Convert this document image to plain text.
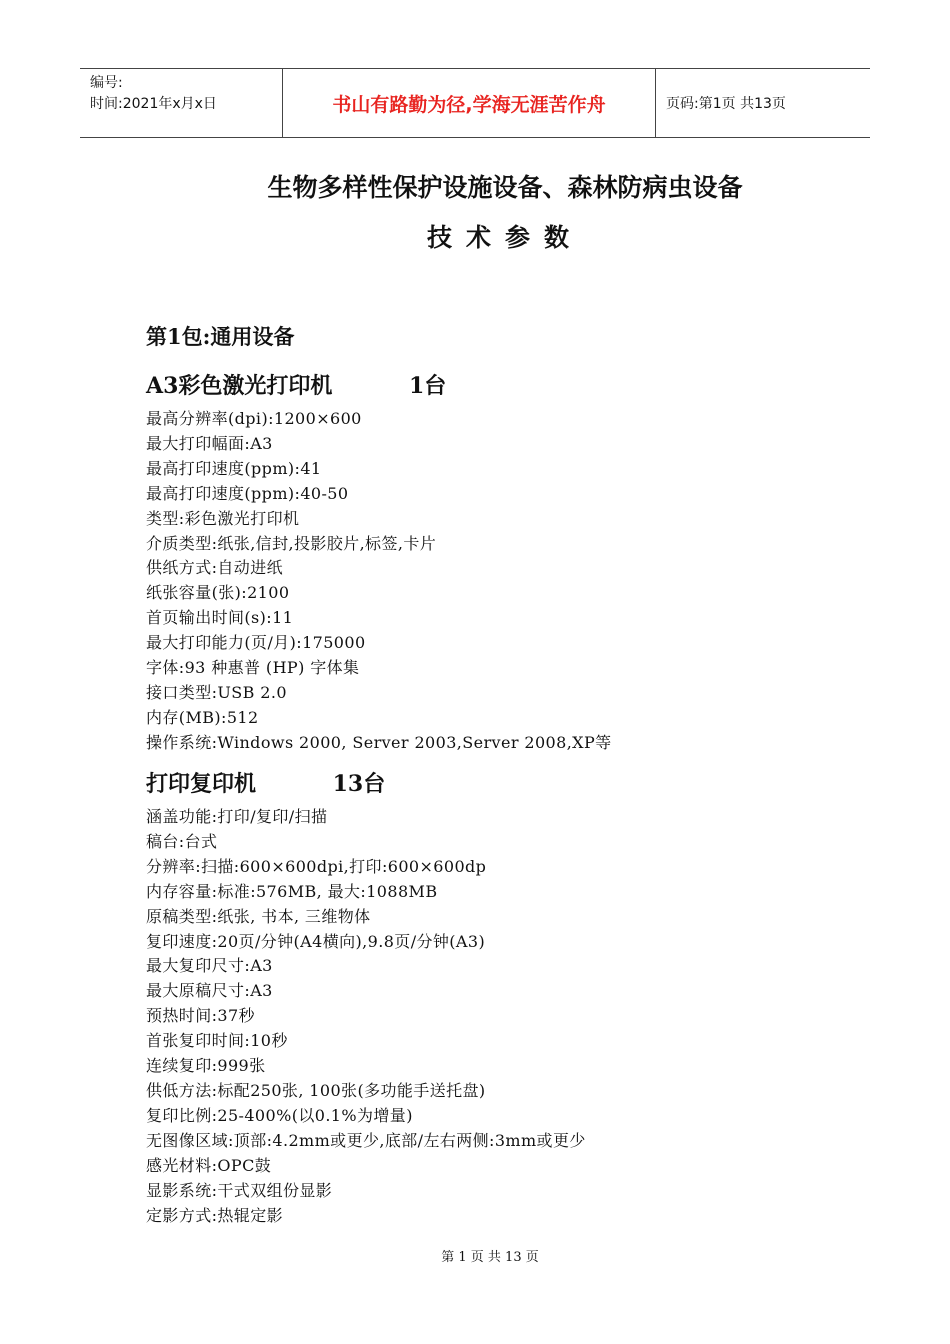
编号:
时间:2021年x月x日	书山有路勤为径,学海无涯苦作舟	页码:第1页 共13页
生物多样性保护设施设备、森林防病虫设备
技术参数
第1包:通用设备
A3彩色激光打印机          1台
最高分辨率(dpi):1200×600
最大打印幅面:A3
最高打印速度(ppm):41
最高打印速度(ppm):40-50
类型:彩色激光打印机
介质类型:纸张,信封,投影胶片,标签,卡片
供纸方式:自动进纸
纸张容量(张):2100
首页输出时间(s):11
最大打印能力(页/月):175000
字体:93 种惠普 (HP) 字体集
接口类型:USB 2.0
内存(MB):512
操作系统:Windows 2000, Server 2003,Server 2008,XP等
打印复印机          13台
涵盖功能:打印/复印/扫描
稿台:台式
分辨率:扫描:600×600dpi,打印:600×600dp
内存容量:标准:576MB, 最大:1088MB
原稿类型:纸张, 书本, 三维物体
复印速度:20页/分钟(A4横向),9.8页/分钟(A3)
最大复印尺寸:A3
最大原稿尺寸:A3
预热时间:37秒
首张复印时间:10秒
连续复印:999张
供低方法:标配250张, 100张(多功能手送托盘)
复印比例:25-400%(以0.1%为增量)
无图像区域:顶部:4.2mm或更少,底部/左右两侧:3mm或更少
感光材料:OPC鼓
显影系统:干式双组份显影
定影方式:热辊定影
第 1 页 共 13 页
